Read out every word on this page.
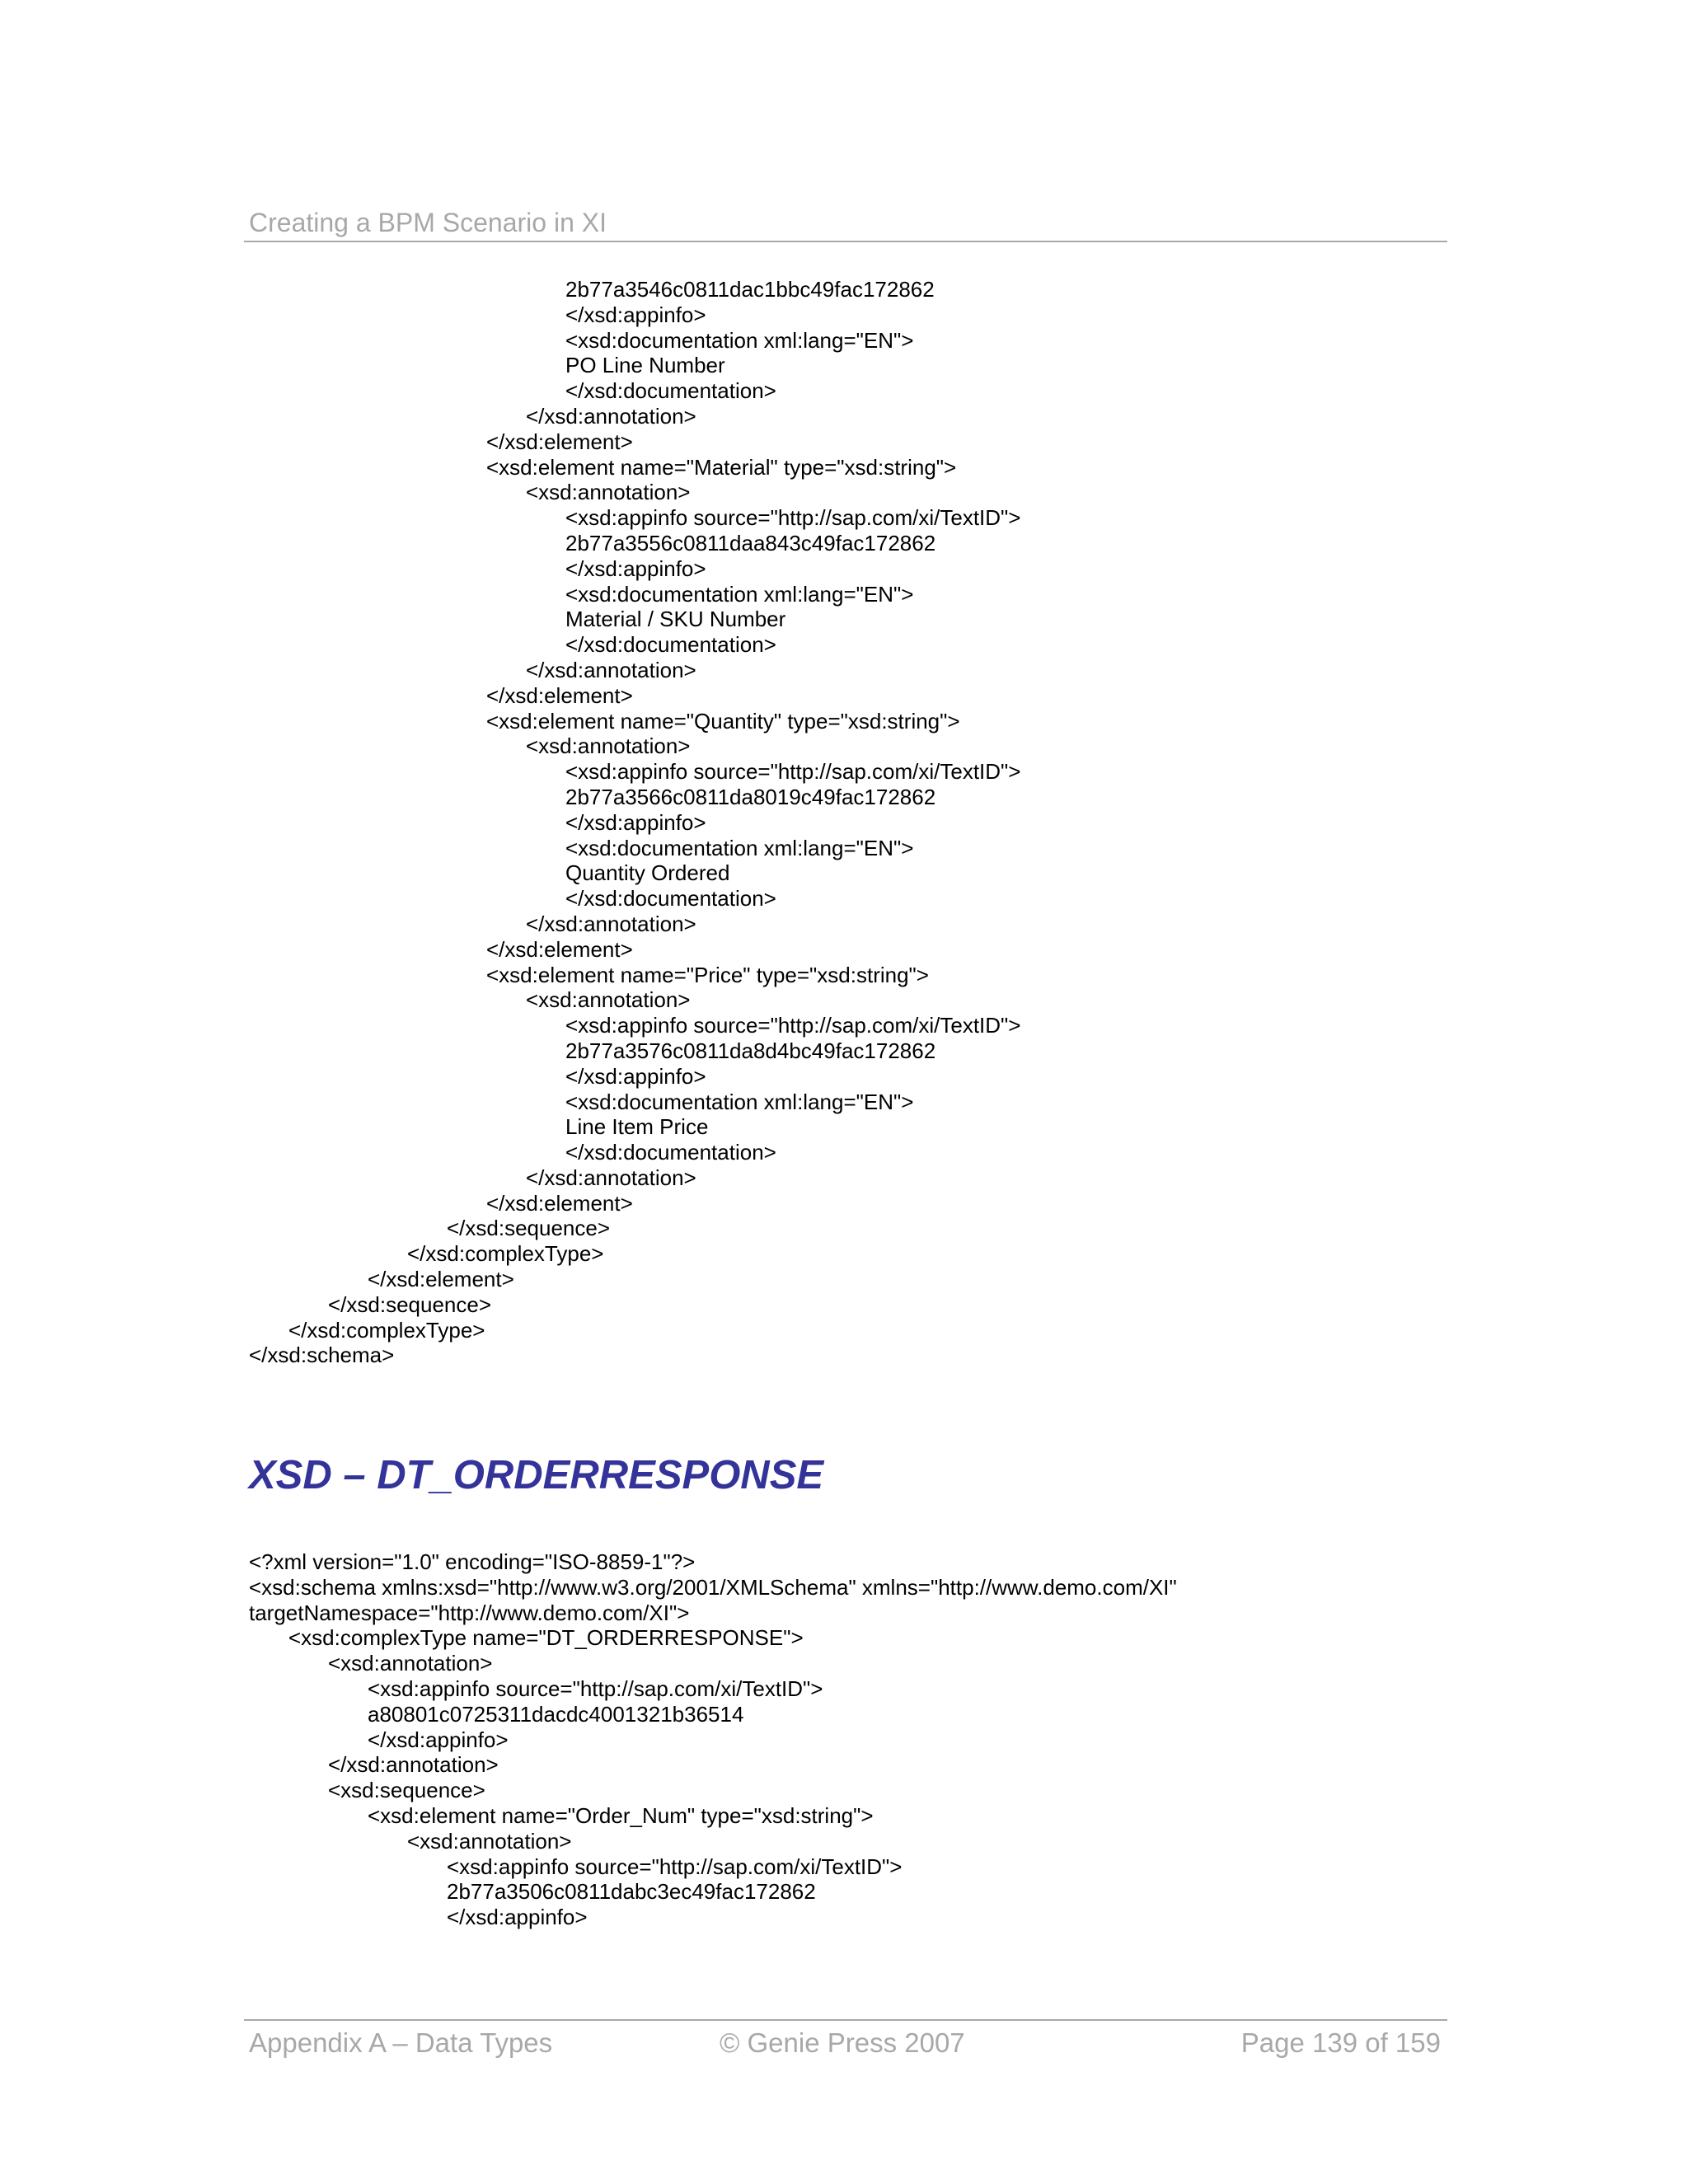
Creating a BPM Scenario in XI
2b77a3546c0811dac1bbc49fac172862
</xsd:appinfo>
<xsd:documentation xml:lang="EN">
PO Line Number
</xsd:documentation>
</xsd:annotation>
</xsd:element>
<xsd:element name="Material" type="xsd:string">
<xsd:annotation>
<xsd:appinfo source="http://sap.com/xi/TextID">
2b77a3556c0811daa843c49fac172862
</xsd:appinfo>
<xsd:documentation xml:lang="EN">
Material / SKU Number
</xsd:documentation>
</xsd:annotation>
</xsd:element>
<xsd:element name="Quantity" type="xsd:string">
<xsd:annotation>
<xsd:appinfo source="http://sap.com/xi/TextID">
2b77a3566c0811da8019c49fac172862
</xsd:appinfo>
<xsd:documentation xml:lang="EN">
Quantity Ordered
</xsd:documentation>
</xsd:annotation>
</xsd:element>
<xsd:element name="Price" type="xsd:string">
<xsd:annotation>
<xsd:appinfo source="http://sap.com/xi/TextID">
2b77a3576c0811da8d4bc49fac172862
</xsd:appinfo>
<xsd:documentation xml:lang="EN">
Line Item Price
</xsd:documentation>
</xsd:annotation>
</xsd:element>
</xsd:sequence>
</xsd:complexType>
</xsd:element>
</xsd:sequence>
</xsd:complexType>
</xsd:schema>
XSD – DT_ORDERRESPONSE
<?xml version="1.0" encoding="ISO-8859-1"?>
<xsd:schema xmlns:xsd="http://www.w3.org/2001/XMLSchema" xmlns="http://www.demo.com/XI"
targetNamespace="http://www.demo.com/XI">
<xsd:complexType name="DT_ORDERRESPONSE">
<xsd:annotation>
<xsd:appinfo source="http://sap.com/xi/TextID">
a80801c0725311dacdc4001321b36514
</xsd:appinfo>
</xsd:annotation>
<xsd:sequence>
<xsd:element name="Order_Num" type="xsd:string">
<xsd:annotation>
<xsd:appinfo source="http://sap.com/xi/TextID">
2b77a3506c0811dabc3ec49fac172862
</xsd:appinfo>
Appendix A – Data Types	© Genie Press 2007	Page 139 of 159
